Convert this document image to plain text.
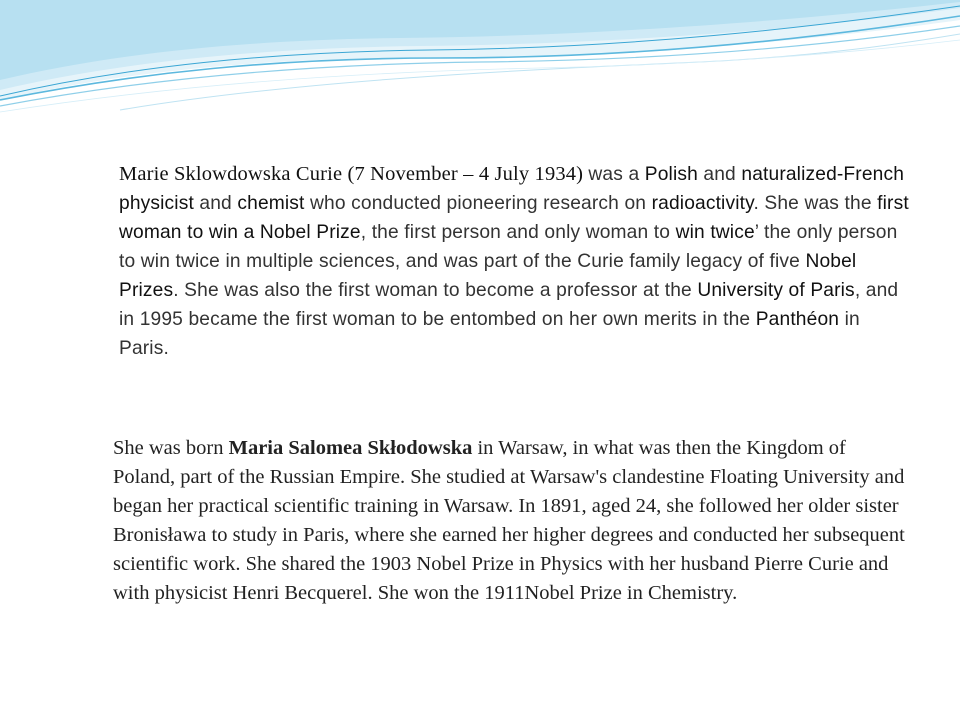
Marie Sklowdowska Curie (7 November – 4 July 1934) was a Polish and naturalized-French physicist and chemist who conducted pioneering research on radioactivity. She was the first woman to win a Nobel Prize, the first person and only woman to win twice’ the only person to win twice in multiple sciences, and was part of the Curie family legacy of five Nobel Prizes. She was also the first woman to become a professor at the University of Paris, and in 1995 became the first woman to be entombed on her own merits in the Panthéon in Paris.

She was born Maria Salomea Skłodowska in Warsaw, in what was then the Kingdom of Poland, part of the Russian Empire. She studied at Warsaw's clandestine Floating University and began her practical scientific training in Warsaw. In 1891, aged 24, she followed her older sister Bronisława to study in Paris, where she earned her higher degrees and conducted her subsequent scientific work. She shared the 1903 Nobel Prize in Physics with her husband Pierre Curie and with physicist Henri Becquerel. She won the 1911Nobel Prize in Chemistry.
